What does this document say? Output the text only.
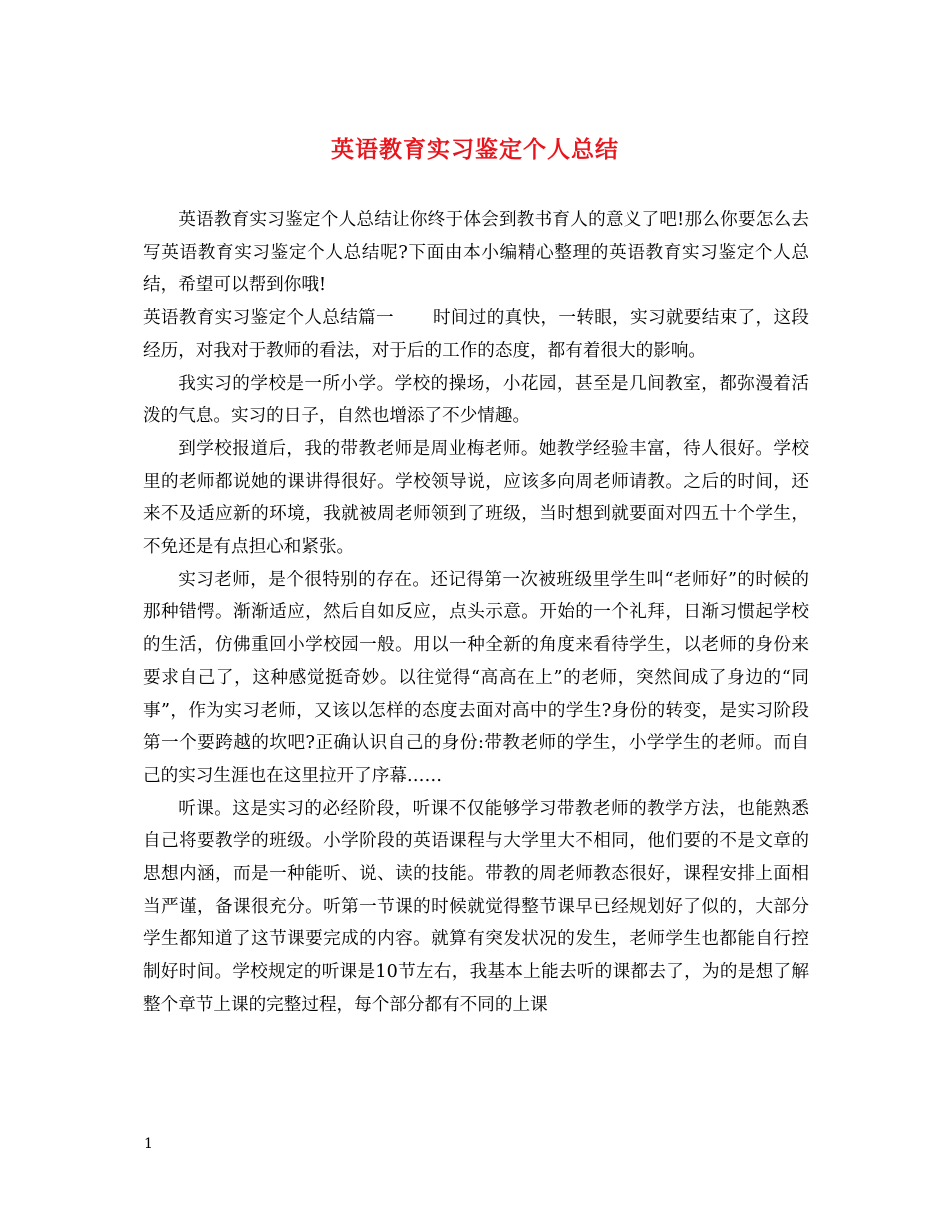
英语教育实习鉴定个人总结

英语教育实习鉴定个人总结让你终于体会到教书育人的意义了吧!那么你要怎么去写英语教育实习鉴定个人总结呢?下面由本小编精心整理的英语教育实习鉴定个人总结，希望可以帮到你哦!

英语教育实习鉴定个人总结篇一 时间过的真快，一转眼，实习就要结束了，这段经历，对我对于教师的看法，对于后的工作的态度，都有着很大的影响。

我实习的学校是一所小学。学校的操场，小花园，甚至是几间教室，都弥漫着活泼的气息。实习的日子，自然也增添了不少情趣。

到学校报道后，我的带教老师是周业梅老师。她教学经验丰富，待人很好。学校里的老师都说她的课讲得很好。学校领导说，应该多向周老师请教。之后的时间，还来不及适应新的环境，我就被周老师领到了班级，当时想到就要面对四五十个学生，不免还是有点担心和紧张。

实习老师，是个很特别的存在。还记得第一次被班级里学生叫“老师好”的时候的那种错愕。渐渐适应，然后自如反应，点头示意。开始的一个礼拜，日渐习惯起学校的生活，仿佛重回小学校园一般。用以一种全新的角度来看待学生，以老师的身份来要求自己了，这种感觉挺奇妙。以往觉得“高高在上”的老师，突然间成了身边的“同事”，作为实习老师，又该以怎样的态度去面对高中的学生?身份的转变，是实习阶段第一个要跨越的坎吧?正确认识自己的身份:带教老师的学生，小学学生的老师。而自己的实习生涯也在这里拉开了序幕……

听课。这是实习的必经阶段，听课不仅能够学习带教老师的教学方法，也能熟悉自己将要教学的班级。小学阶段的英语课程与大学里大不相同，他们要的不是文章的思想内涵，而是一种能听、说、读的技能。带教的周老师教态很好，课程安排上面相当严谨，备课很充分。听第一节课的时候就觉得整节课早已经规划好了似的，大部分学生都知道了这节课要完成的内容。就算有突发状况的发生，老师学生也都能自行控制好时间。学校规定的听课是10节左右，我基本上能去听的课都去了，为的是想了解整个章节上课的完整过程，每个部分都有不同的上课

1
